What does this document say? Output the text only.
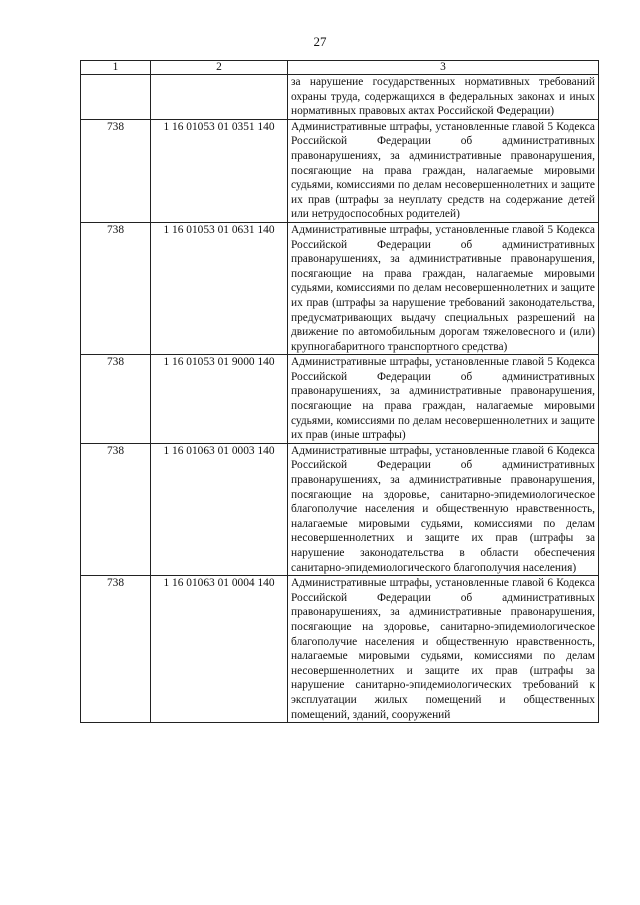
27
1	2	3
		за нарушение государственных нормативных требований охраны труда, содержащихся в федеральных законах и иных нормативных правовых актах Российской Федерации)
738	1 16 01053 01 0351 140	Административные штрафы, установленные главой 5 Кодекса Российской Федерации об административных правонарушениях, за административные правонарушения, посягающие на права граждан, налагаемые мировыми судьями, комиссиями по делам несовершеннолетних и защите их прав (штрафы за неуплату средств на содержание детей или нетрудоспособных родителей)
738	1 16 01053 01 0631 140	Административные штрафы, установленные главой 5 Кодекса Российской Федерации об административных правонарушениях, за административные правонарушения, посягающие на права граждан, налагаемые мировыми судьями, комиссиями по делам несовершеннолетних и защите их прав (штрафы за нарушение требований законодательства, предусматривающих выдачу специальных разрешений на движение по автомобильным дорогам тяжеловесного и (или) крупногабаритного транспортного средства)
738	1 16 01053 01 9000 140	Административные штрафы, установленные главой 5 Кодекса Российской Федерации об административных правонарушениях, за административные правонарушения, посягающие на права граждан, налагаемые мировыми судьями, комиссиями по делам несовершеннолетних и защите их прав (иные штрафы)
738	1 16 01063 01 0003 140	Административные штрафы, установленные главой 6 Кодекса Российской Федерации об административных правонарушениях, за административные правонарушения, посягающие на здоровье, санитарно-эпидемиологическое благополучие населения и общественную нравственность, налагаемые мировыми судьями, комиссиями по делам несовершеннолетних и защите их прав (штрафы за нарушение законодательства в области обеспечения санитарно-эпидемиологического благополучия населения)
738	1 16 01063 01 0004 140	Административные штрафы, установленные главой 6 Кодекса Российской Федерации об административных правонарушениях, за административные правонарушения, посягающие на здоровье, санитарно-эпидемиологическое благополучие населения и общественную нравственность, налагаемые мировыми судьями, комиссиями по делам несовершеннолетних и защите их прав (штрафы за нарушение санитарно-эпидемиологических требований к эксплуатации жилых помещений и общественных помещений, зданий, сооружений
